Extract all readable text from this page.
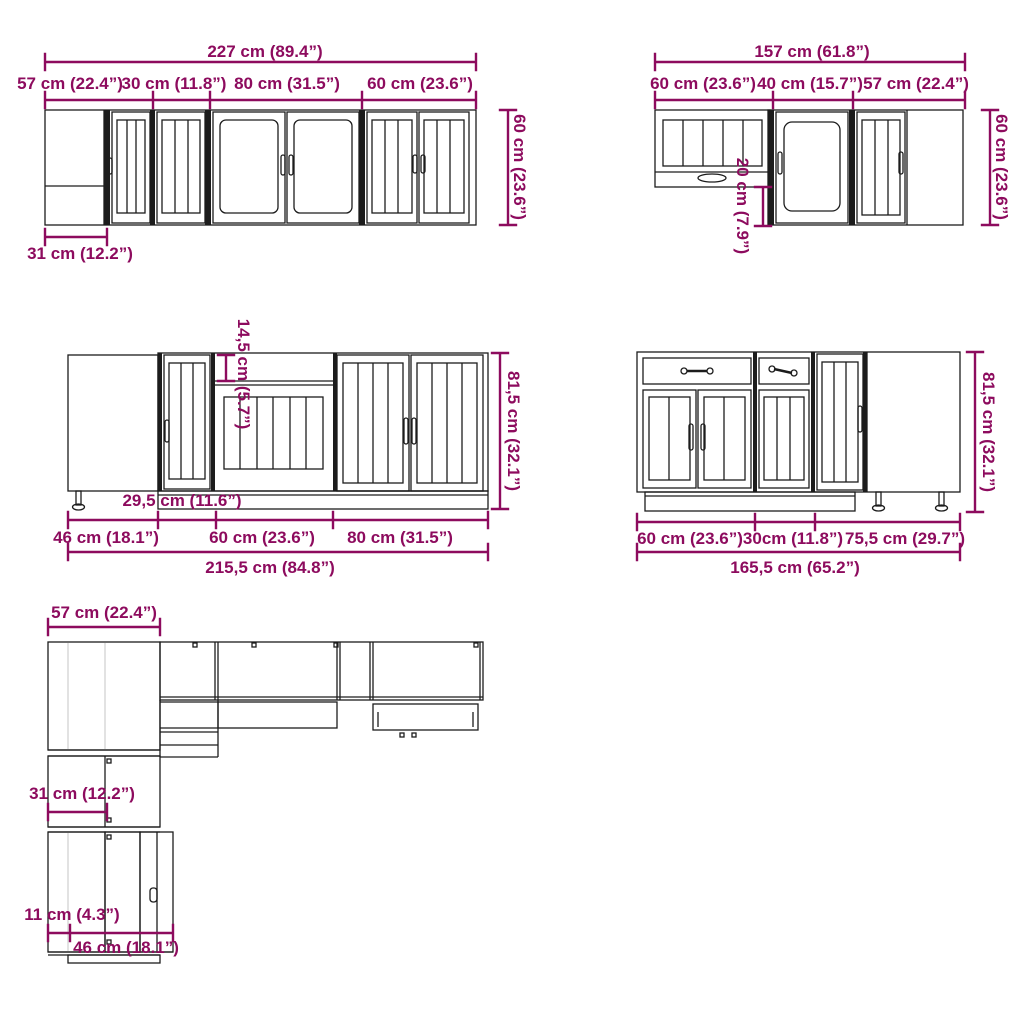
227 cm (89.4”)
57 cm (22.4”)
30 cm (11.8”) 80 cm (31.5”) 60 cm (23.6”)
60 cm (23.6”)
31 cm (12.2”)
157 cm (61.8”)
60 cm (23.6”) 40 cm (15.7”) 57 cm (22.4”)
60 cm (23.6”)
20 cm (7.9”)
14,5 cm (5.7”)	81,5 cm (32.1”)
29,5 cm (11.6”)
46 cm (18.1”)	60 cm (23.6”) 80 cm (31.5”)
215,5 cm (84.8”)
81,5 cm (32.1”)
60 cm (23.6”) 30cm (11.8”) 75,5 cm (29.7”)
165,5 cm (65.2”)
57 cm (22.4”)
31 cm (12.2”)
11 cm (4.3”)
46 cm (18.1”)
